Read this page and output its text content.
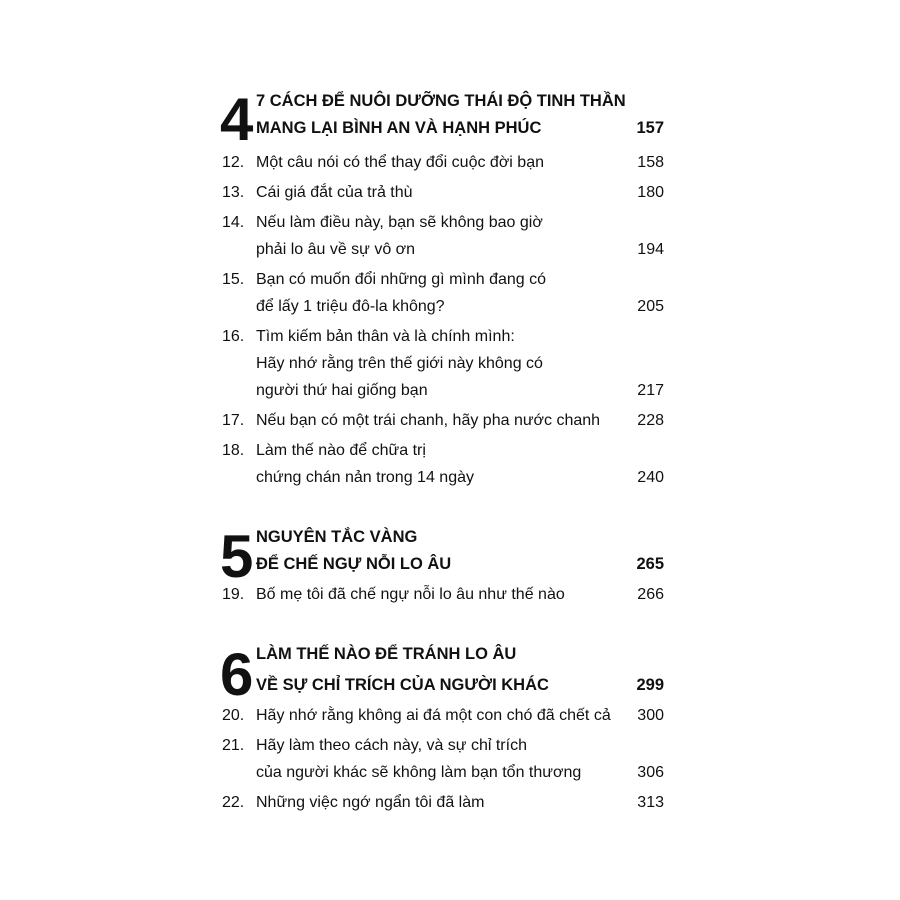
4 7 CÁCH ĐỂ NUÔI DƯỠNG THÁI ĐỘ TINH THẦN
MANG LẠI BÌNH AN VÀ HẠNH PHÚC	157
12. Một câu nói có thể thay đổi cuộc đời bạn	158
13. Cái giá đắt của trả thù	180
14. Nếu làm điều này, bạn sẽ không bao giờ
phải lo âu về sự vô ơn	194
15. Bạn có muốn đổi những gì mình đang có
để lấy 1 triệu đô-la không?	205
16. Tìm kiếm bản thân và là chính mình:
Hãy nhớ rằng trên thế giới này không có
người thứ hai giống bạn	217
17. Nếu bạn có một trái chanh, hãy pha nước chanh	228
18. Làm thế nào để chữa trị
chứng chán nản trong 14 ngày	240
5 NGUYÊN TẮC VÀNG
ĐỂ CHẾ NGỰ NỖI LO ÂU	265
19. Bố mẹ tôi đã chế ngự nỗi lo âu như thế nào	266
6 LÀM THẾ NÀO ĐỂ TRÁNH LO ÂU
VỀ SỰ CHỈ TRÍCH CỦA NGƯỜI KHÁC	299
20. Hãy nhớ rằng không ai đá một con chó đã chết cả	300
21. Hãy làm theo cách này, và sự chỉ trích
của người khác sẽ không làm bạn tổn thương	306
22. Những việc ngớ ngẩn tôi đã làm	313
